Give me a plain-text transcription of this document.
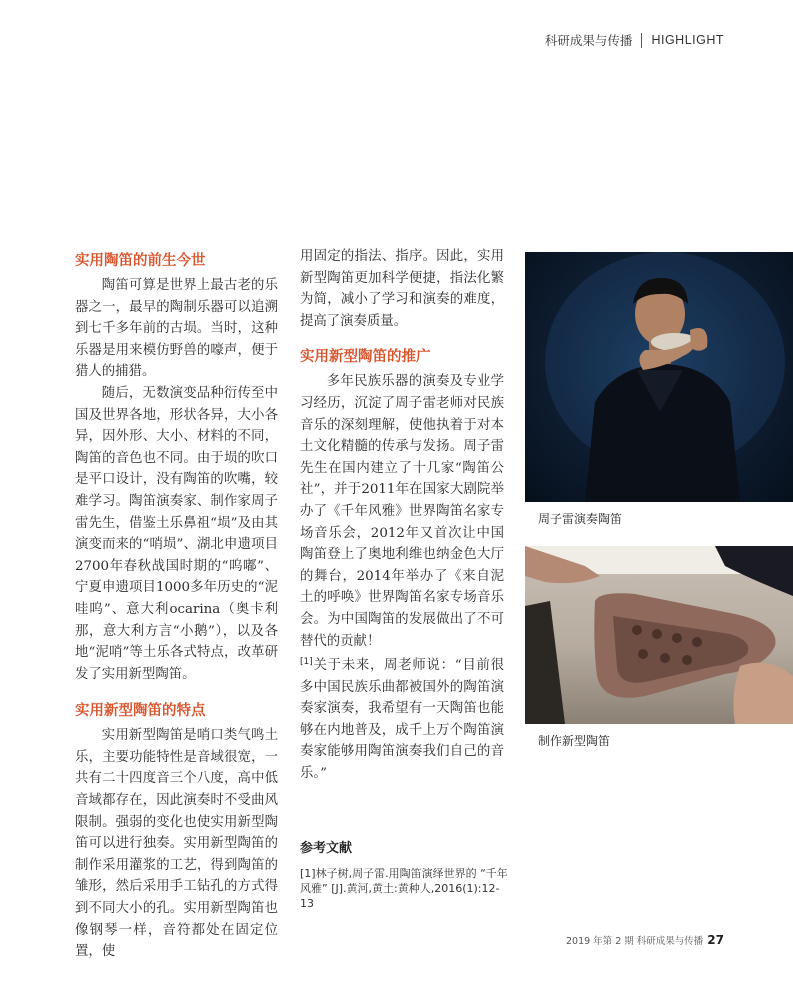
科研成果与传播 HIGHLIGHT
实用陶笛的前生今世

陶笛可算是世界上最古老的乐器之一，最早的陶制乐器可以追溯到七千多年前的古埙。当时，这种乐器是用来模仿野兽的嚎声，便于猎人的捕猎。

随后，无数演变品种衍传至中国及世界各地，形状各异，大小各异，因外形、大小、材料的不同，陶笛的音色也不同。由于埙的吹口是平口设计，没有陶笛的吹嘴，较难学习。陶笛演奏家、制作家周子雷先生，借鉴土乐鼻祖“埙”及由其演变而来的“哨埙”、湖北申遗项目2700年春秋战国时期的“呜嘟”、宁夏申遗项目1000多年历史的“泥哇呜”、意大利ocarina（奥卡利那，意大利方言“小鹅”），以及各地“泥哨”等土乐各式特点，改革研发了实用新型陶笛。

实用新型陶笛的特点

实用新型陶笛是哨口类气鸣土乐，主要功能特性是音域很宽，一共有二十四度音三个八度，高中低音域都存在，因此演奏时不受曲风限制。强弱的变化也使实用新型陶笛可以进行独奏。实用新型陶笛的制作采用灌浆的工艺，得到陶笛的雏形，然后采用手工钻孔的方式得到不同大小的孔。实用新型陶笛也像钢琴一样，音符都处在固定位置，使

用固定的指法、指序。因此，实用新型陶笛更加科学便捷，指法化繁为简，减小了学习和演奏的难度，提高了演奏质量。

实用新型陶笛的推广

多年民族乐器的演奏及专业学习经历，沉淀了周子雷老师对民族音乐的深刻理解，使他执着于对本土文化精髓的传承与发扬。周子雷先生在国内建立了十几家“陶笛公社”，并于2011年在国家大剧院举办了《千年风雅》世界陶笛名家专场音乐会，2012年又首次让中国陶笛登上了奥地利维也纳金色大厅的舞台，2014年举办了《来自泥土的呼唤》世界陶笛名家专场音乐会。为中国陶笛的发展做出了不可替代的贡献！

[1]关于未来，周老师说：“目前很多中国民族乐曲都被国外的陶笛演奏家演奏，我希望有一天陶笛也能够在内地普及，成千上万个陶笛演奏家能够用陶笛演奏我们自己的音乐。”

参考文献
[1]林子树,周子雷.用陶笛演绎世界的 “千年风雅” [J].黄河,黄土:黄种人,2016(1):12-13
周子雷演奏陶笛
制作新型陶笛
2019 年第 2 期 科研成果与传播 27
